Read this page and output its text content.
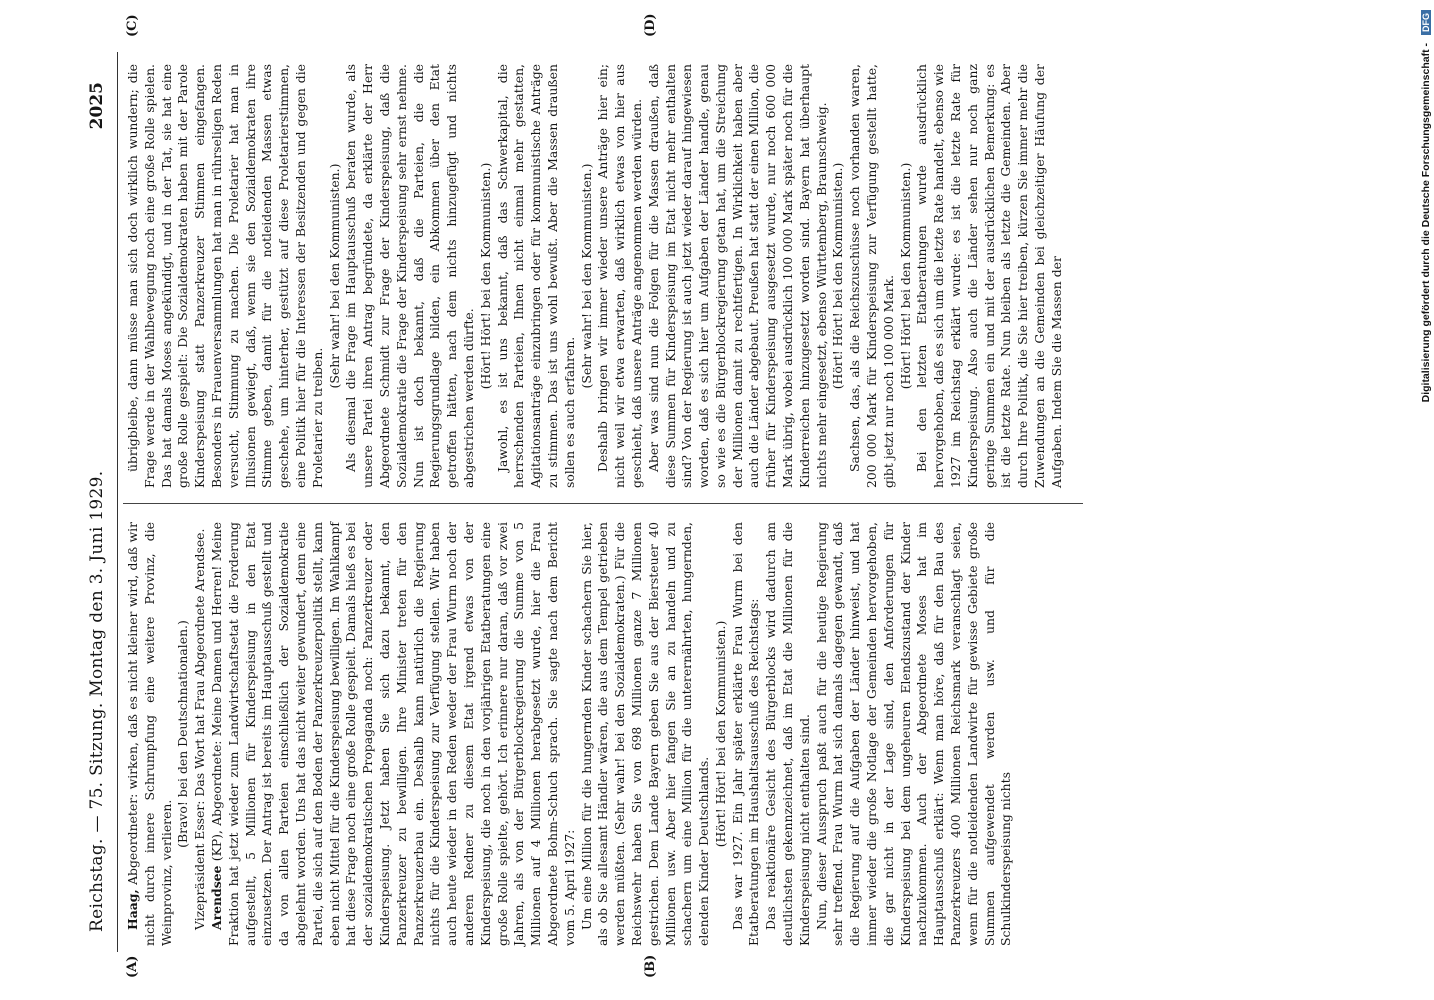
Reichstag. — 75. Sitzung. Montag den 3. Juni 1929.
2025
(A)	(B)
(C)	(D)

Haag, Abgeordneter: wirken, daß es nicht kleiner wird, daß wir nicht durch innere Schrumpfung eine weitere Provinz, die Weinprovinz, verlieren.

(Bravo! bei den Deutschnationalen.) Vizepräsident Esser: Das Wort hat Frau Abgeordnete Arendsee. Arendsee (KP), Abgeordnete: Meine Damen und Herren! Meine Fraktion hat jetzt wieder zum Landwirtschaftsetat die Forderung aufgestellt, 5 Millionen für Kinderspeisung in den Etat einzusetzen. Der Antrag ist bereits im Hauptausschuß gestellt und da von allen Parteien einschließlich der Sozialdemokratie abgelehnt worden. Uns hat das nicht weiter gewundert, denn eine Partei, die sich auf den Boden der Panzerkreuzerpolitik stellt, kann eben nicht Mittel für die Kinderspeisung bewilligen. Im Wahlkampf hat diese Frage noch eine große Rolle gespielt. Damals hieß es bei der sozialdemokratischen Propaganda noch: Panzerkreuzer oder Kinderspeisung. Jetzt haben Sie sich dazu bekannt, den Panzerkreuzer zu bewilligen. Ihre Minister treten für den Panzerkreuzerbau ein. Deshalb kann natürlich die Regierung nichts für die Kinderspeisung zur Verfügung stellen. Wir haben auch heute wieder in den Reden weder der Frau Wurm noch der anderen Redner zu diesem Etat irgend etwas von der Kinderspeisung, die noch in den vorjährigen Etatberatungen eine große Rolle spielte, gehört. Ich erinnere nur daran, daß vor zwei Jahren, als von der Bürgerblockregierung die Summe von 5 Millionen auf 4 Millionen herabgesetzt wurde, hier die Frau Abgeordnete Bohm-Schuch sprach. Sie sagte nach dem Bericht vom 5. April 1927: Um eine Million für die hungernden Kinder schachern Sie hier, als ob Sie allesamt Händler wären, die aus dem Tempel getrieben werden müßten. (Sehr wahr! bei den Sozialdemokraten.) Für die Reichswehr haben Sie von 698 Millionen ganze 7 Millionen gestrichen. Dem Lande Bayern geben Sie aus der Biersteuer 40 Millionen usw. Aber hier fangen Sie an zu handeln und zu schachern um eine Million für die unterernährten, hungernden, elenden Kinder Deutschlands.

(Hört! Hört! bei den Kommunisten.) Das war 1927. Ein Jahr später erklärte Frau Wurm bei den Etatberatungen im Haushaltsausschuß des Reichstags: Das reaktionäre Gesicht des Bürgerblocks wird dadurch am deutlichsten gekennzeichnet, daß im Etat die Millionen für die Kinderspeisung nicht enthalten sind. Nun, dieser Ausspruch paßt auch für die heutige Regierung sehr treffend. Frau Wurm hat sich damals dagegen gewandt, daß die Regierung auf die Aufgaben der Länder hinweist, und hat immer wieder die große Notlage der Gemeinden hervorgehoben, die gar nicht in der Lage sind, den Anforderungen für Kinderspeisung bei dem ungeheuren Elendszustand der Kinder nachzukommen. Auch der Abgeordnete Moses hat im Hauptausschuß erklärt: Wenn man höre, daß für den Bau des Panzerkreuzers 400 Millionen Reichsmark veranschlagt seien, wenn für die notleidenden Landwirte für gewisse Gebiete große Summen aufgewendet werden usw. und für die Schulkinderspeisung nichts

übrigbleibe, dann müsse man sich doch wirklich wundern; die Frage werde in der Wahlbewegung noch eine große Rolle spielen. Das hat damals Moses angekündigt, und in der Tat, sie hat eine große Rolle gespielt: Die Sozialdemokraten haben mit der Parole Kinderspeisung statt Panzerkreuzer Stimmen eingefangen. Besonders in Frauenversammlungen hat man in rührseligen Reden versucht, Stimmung zu machen. Die Proletarier hat man in Illusionen gewiegt, daß, wenn sie den Sozialdemokraten ihre Stimme geben, damit für die notleidenden Massen etwas geschehe, um hinterher, gestützt auf diese Proletarierstimmen, eine Politik hier für die Interessen der Besitzenden und gegen die Proletarier zu treiben.

(Sehr wahr! bei den Kommunisten.) Als diesmal die Frage im Hauptausschuß beraten wurde, als unsere Partei ihren Antrag begründete, da erklärte der Herr Abgeordnete Schmidt zur Frage der Kinderspeisung, daß die Sozialdemokratie die Frage der Kinderspeisung sehr ernst nehme. Nun ist doch bekannt, daß die Parteien, die die Regierungsgrundlage bilden, ein Abkommen über den Etat getroffen hätten, nach dem nichts hinzugefügt und nichts abgestrichen werden dürfte.

(Hört! Hört! bei den Kommunisten.) Jawohl, es ist uns bekannt, daß das Schwerkapital, die herrschenden Parteien, Ihnen nicht einmal mehr gestatten, Agitationsanträge einzubringen oder für kommunistische Anträge zu stimmen. Das ist uns wohl bewußt. Aber die Massen draußen sollen es auch erfahren.

(Sehr wahr! bei den Kommunisten.) Deshalb bringen wir immer wieder unsere Anträge hier ein; nicht weil wir etwa erwarten, daß wirklich etwas von hier aus geschieht, daß unsere Anträge angenommen werden würden. Aber was sind nun die Folgen für die Massen draußen, daß diese Summen für Kinderspeisung im Etat nicht mehr enthalten sind? Von der Regierung ist auch jetzt wieder darauf hingewiesen worden, daß es sich hier um Aufgaben der Länder handle, genau so wie es die Bürgerblockregierung getan hat, um die Streichung der Millionen damit zu rechtfertigen. In Wirklichkeit haben aber auch die Länder abgebaut. Preußen hat statt der einen Million, die früher für Kinderspeisung ausgesetzt wurde, nur noch 600 000 Mark übrig, wobei ausdrücklich 100 000 Mark später noch für die Kinderreichen hinzugesetzt worden sind. Bayern hat überhaupt nichts mehr eingesetzt, ebenso Württemberg, Braunschweig. (Hört! Hört! bei den Kommunisten.) Sachsen, das, als die Reichszuschüsse noch vorhanden waren, 200 000 Mark für Kinderspeisung zur Verfügung gestellt hatte, gibt jetzt nur noch 100 000 Mark. (Hört! Hört! bei den Kommunisten.) Bei den letzten Etatberatungen wurde ausdrücklich hervorgehoben, daß es sich um die letzte Rate handelt, ebenso wie 1927 im Reichstag erklärt wurde: es ist die letzte Rate für Kinderspeisung. Also auch die Länder sehen nur noch ganz geringe Summen ein und mit der ausdrücklichen Bemerkung: es ist die letzte Rate. Nun bleiben als letzte die Gemeinden. Aber durch Ihre Politik, die Sie hier treiben, kürzen Sie immer mehr die Zuwendungen an die Gemeinden bei gleichzeitiger Häufung der Aufgaben. Indem Sie die Massen der	Digitalisierung gefördert durch die Deutsche Forschungsgemeinschaft -
DFG
